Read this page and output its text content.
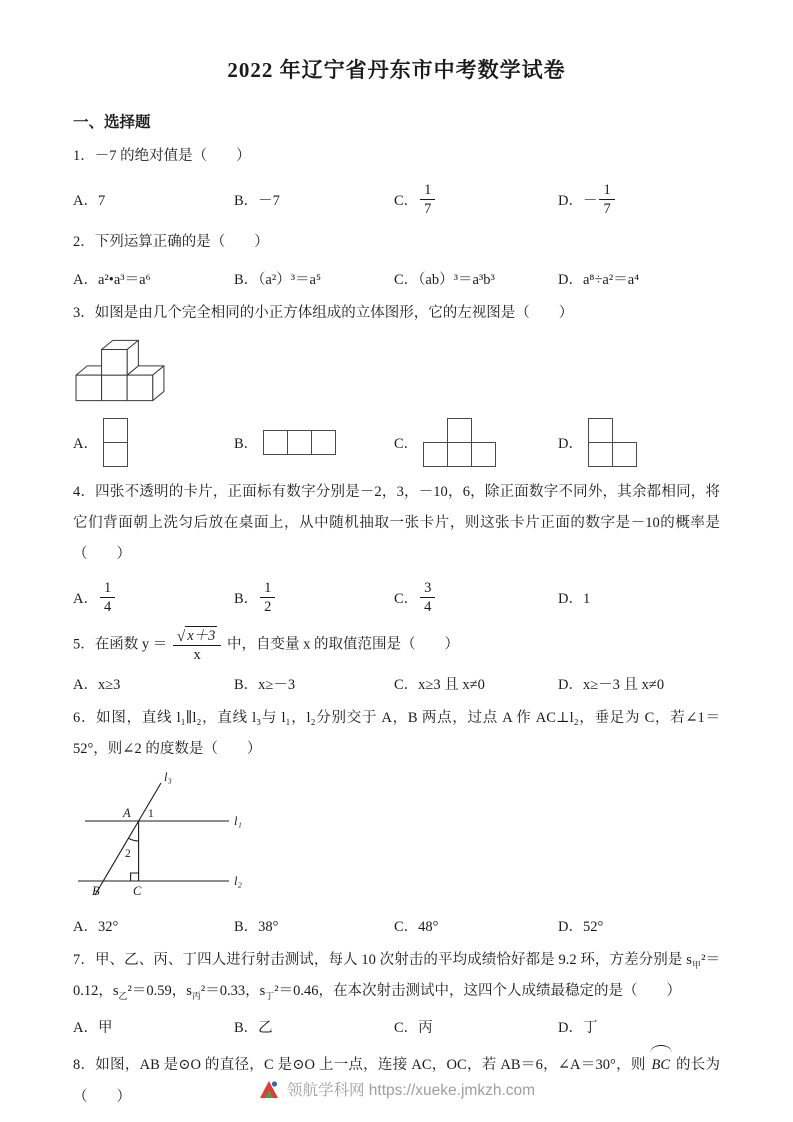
2022 年辽宁省丹东市中考数学试卷
一、选择题

1．－7 的绝对值是（　　）

A．7	B．－7	C． $\frac{1}{7}$	D．－ $\frac{1}{7}$

2．下列运算正确的是（　　）

A．a²•a³＝a⁶	B．（a²）³＝a⁵	C．（ab）³＝a³b³	D．a⁸÷a²＝a⁴

3．如图是由几个完全相同的小正方体组成的立体图形，它的左视图是（　　）

A．	B．	C．	D．

4．四张不透明的卡片，正面标有数字分别是－2，3，－10，6，除正面数字不同外，其余都相同，将它们背面朝上洗匀后放在桌面上，从中随机抽取一张卡片，则这张卡片正面的数字是－10的概率是（　　）

A． $\frac{1}{4}$	B． $\frac{1}{2}$	C． $\frac{3}{4}$	D．1

5．在函数 $y = \frac{√ x+3}{x}$ 中，自变量 x 的取值范围是（　　）

A．x≥3	B．x≥－3	C．x≥3 且 x≠0	D．x≥－3 且 x≠0

6．如图，直线 l₁∥l₂，直线 l₃与 l₁，l₂分别交于 A，B 两点，过点 A 作 AC⊥l₂，垂足为 C，若∠1＝52°，则∠2 的度数是（　　）

l₃
l₁
l₂
A 1
2
B	C
A．32°	B．38°	C．48°	D．52°

7．甲、乙、丙、丁四人进行射击测试，每人 10 次射击的平均成绩恰好都是 9.2 环，方差分别是 $s_甲^2=0.12$，$s_乙^2=0.59$，$s_丙^2=0.33$，$s_丁^2=0.46$，在本次射击测试中，这四个人成绩最稳定的是（　　）

A．甲	B．乙	C．丙	D．丁

8．如图，AB 是⊙O 的直径，C 是⊙O 上一点，连接 AC，OC，若 AB＝6，∠A＝30°，则 BC 的长为（　　）	领航学科网 https://xueke.jmkzh.com
